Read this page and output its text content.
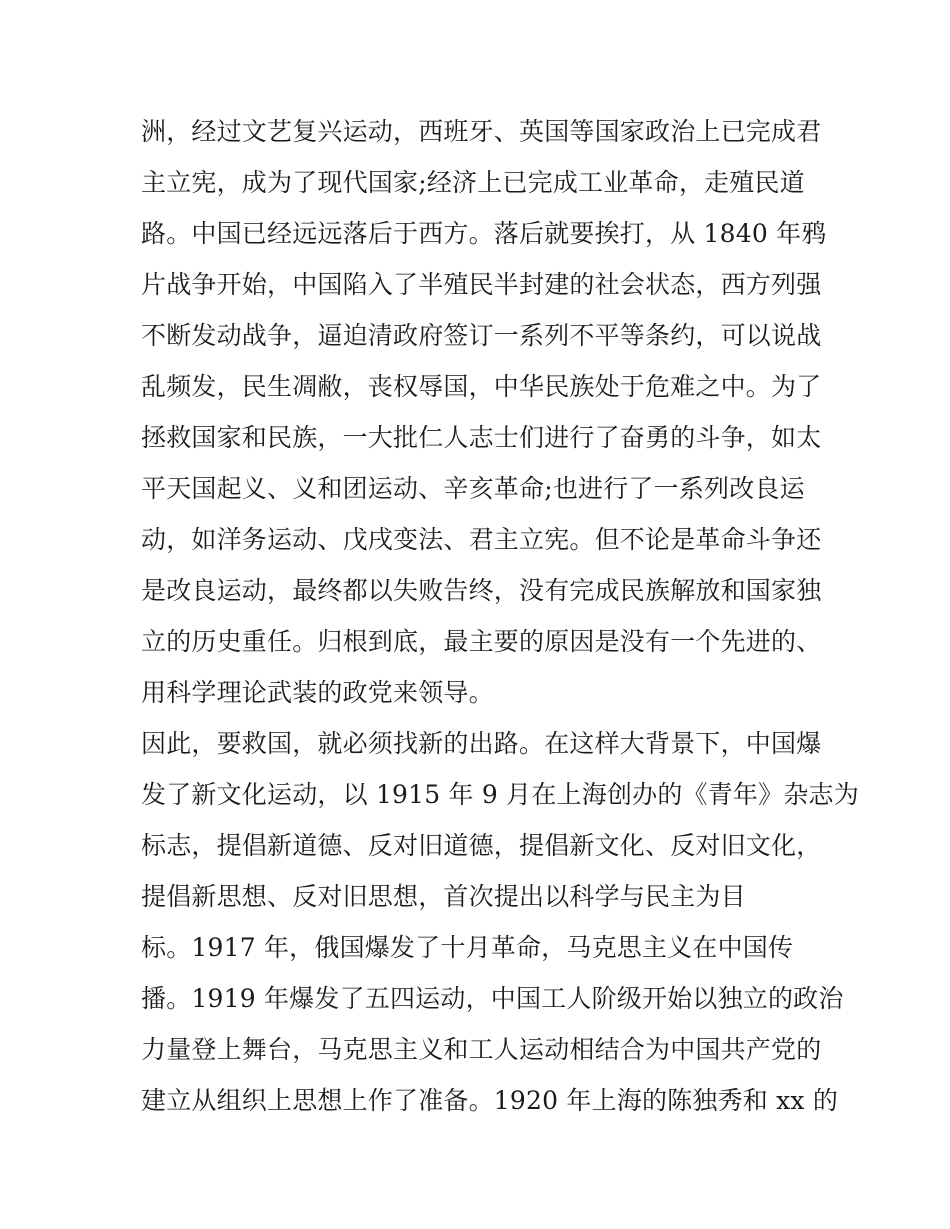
洲，经过文艺复兴运动，西班牙、英国等国家政治上已完成君
主立宪，成为了现代国家;经济上已完成工业革命，走殖民道
路。中国已经远远落后于西方。落后就要挨打，从 1840 年鸦
片战争开始，中国陷入了半殖民半封建的社会状态，西方列强
不断发动战争，逼迫清政府签订一系列不平等条约，可以说战
乱频发，民生凋敝，丧权辱国，中华民族处于危难之中。为了
拯救国家和民族，一大批仁人志士们进行了奋勇的斗争，如太
平天国起义、义和团运动、辛亥革命;也进行了一系列改良运
动，如洋务运动、戊戌变法、君主立宪。但不论是革命斗争还
是改良运动，最终都以失败告终，没有完成民族解放和国家独
立的历史重任。归根到底，最主要的原因是没有一个先进的、
用科学理论武装的政党来领导。
因此，要救国，就必须找新的出路。在这样大背景下，中国爆
发了新文化运动，以 1915 年 9 月在上海创办的《青年》杂志为
标志，提倡新道德、反对旧道德，提倡新文化、反对旧文化，
提倡新思想、反对旧思想，首次提出以科学与民主为目
标。1917 年，俄国爆发了十月革命，马克思主义在中国传
播。1919 年爆发了五四运动，中国工人阶级开始以独立的政治
力量登上舞台，马克思主义和工人运动相结合为中国共产党的
建立从组织上思想上作了准备。1920 年上海的陈独秀和 xx 的
